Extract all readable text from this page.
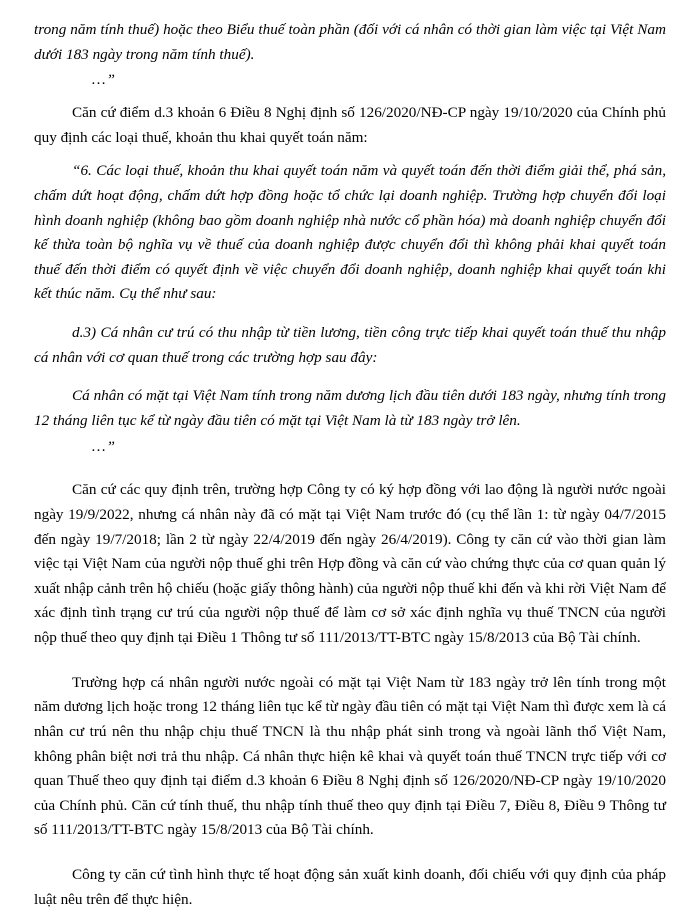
trong năm tính thuế) hoặc theo Biểu thuế toàn phần (đối với cá nhân có thời gian làm việc tại Việt Nam dưới 183 ngày trong năm tính thuế).

…”

Căn cứ điểm d.3 khoản 6 Điều 8 Nghị định số 126/2020/NĐ-CP ngày 19/10/2020 của Chính phủ quy định các loại thuế, khoản thu khai quyết toán năm:

“6. Các loại thuế, khoản thu khai quyết toán năm và quyết toán đến thời điểm giải thể, phá sản, chấm dứt hoạt động, chấm dứt hợp đồng hoặc tổ chức lại doanh nghiệp. Trường hợp chuyển đổi loại hình doanh nghiệp (không bao gồm doanh nghiệp nhà nước cổ phần hóa) mà doanh nghiệp chuyển đổi kế thừa toàn bộ nghĩa vụ về thuế của doanh nghiệp được chuyển đổi thì không phải khai quyết toán thuế đến thời điểm có quyết định về việc chuyển đổi doanh nghiệp, doanh nghiệp khai quyết toán khi kết thúc năm. Cụ thể như sau:

d.3) Cá nhân cư trú có thu nhập từ tiền lương, tiền công trực tiếp khai quyết toán thuế thu nhập cá nhân với cơ quan thuế trong các trường hợp sau đây:

Cá nhân có mặt tại Việt Nam tính trong năm dương lịch đầu tiên dưới 183 ngày, nhưng tính trong 12 tháng liên tục kể từ ngày đầu tiên có mặt tại Việt Nam là từ 183 ngày trở lên.

…”

Căn cứ các quy định trên, trường hợp Công ty có ký hợp đồng với lao động là người nước ngoài ngày 19/9/2022, nhưng cá nhân này đã có mặt tại Việt Nam trước đó (cụ thể lần 1: từ ngày 04/7/2015 đến ngày 19/7/2018; lần 2 từ ngày 22/4/2019 đến ngày 26/4/2019). Công ty căn cứ vào thời gian làm việc tại Việt Nam của người nộp thuế ghi trên Hợp đồng và căn cứ vào chứng thực của cơ quan quản lý xuất nhập cảnh trên hộ chiếu (hoặc giấy thông hành) của người nộp thuế khi đến và khi rời Việt Nam để xác định tình trạng cư trú của người nộp thuế để làm cơ sở xác định nghĩa vụ thuế TNCN của người nộp thuế theo quy định tại Điều 1 Thông tư số 111/2013/TT-BTC ngày 15/8/2013 của Bộ Tài chính.

Trường hợp cá nhân người nước ngoài có mặt tại Việt Nam từ 183 ngày trở lên tính trong một năm dương lịch hoặc trong 12 tháng liên tục kể từ ngày đầu tiên có mặt tại Việt Nam thì được xem là cá nhân cư trú nên thu nhập chịu thuế TNCN là thu nhập phát sinh trong và ngoài lãnh thổ Việt Nam, không phân biệt nơi trả thu nhập. Cá nhân thực hiện kê khai và quyết toán thuế TNCN trực tiếp với cơ quan Thuế theo quy định tại điểm d.3 khoản 6 Điều 8 Nghị định số 126/2020/NĐ-CP ngày 19/10/2020 của Chính phủ. Căn cứ tính thuế, thu nhập tính thuế theo quy định tại Điều 7, Điều 8, Điều 9 Thông tư số 111/2013/TT-BTC ngày 15/8/2013 của Bộ Tài chính.

Công ty căn cứ tình hình thực tế hoạt động sản xuất kinh doanh, đối chiếu với quy định của pháp luật nêu trên để thực hiện.
